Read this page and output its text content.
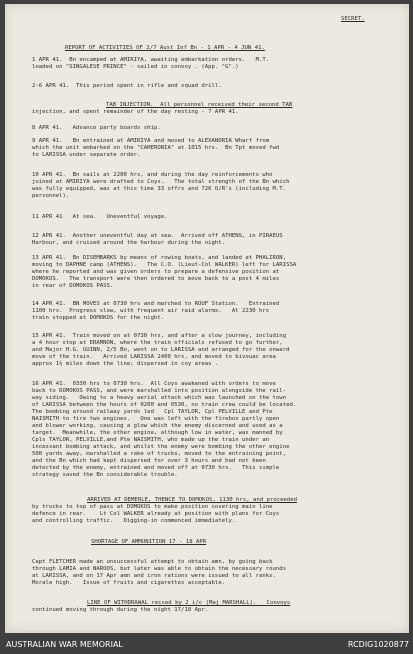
SECRET.

REPORT OF ACTIVITIES OF 2/7 Aust Inf Bn - 1 APR - 4 JUN 41.

1 APR 41.  Bn encamped at AMIRIYA, awaiting embarkation orders.   M.T.

loaded on "SINGALESE PRINCE" - sailed in convoy . (App. "G".)

2-6 APR 41.  This period spent in rifle and squad drill.

TAB INJECTION.  All personnel received their second TAB

injection, and spent remainder of the day resting - 7 APR 41.

8 APR 41.   Advance party boards ship.

9 APR 41.   Bn entrained at AMIRIYA and moved to ALEXANDRIA Wharf from

which the unit embarked on the "CAMERONIA" at 1015 hrs.  Bn Tpt moved fwd

to LARISSA under separate order.

10 APR 41.  Bn sails at 2200 hrs, and during the day reinforcements who

joined at AMIRIYA were drafted to Coys.   The total strength of the Bn which

was fully equipped, was at this time 33 offrs and 726 O/R's (including M.T.

personnel).

11 APR 41   At sea.   Uneventful voyage.

12 APR 41.  Another uneventful day at sea.  Arrived off ATHENS, in PIRAEUS

Harbour, and cruised around the harbour during the night.

13 APR 41.  Bn DISEMBARKS by means of rowing boats, and landed at PHALIRON,

moving to DAPHNE camp (ATHENS).   The C.O. (Lieut-Col WALKER) left for LARISSA

where he reported and was given orders to prepare a defensive position at

DOMOKOS.   The transport were then ordered to move back to a post 4 miles

in rear of DOMOKOS PASS.

14 APR 41.  BN MOVES at 0730 hrs and marched to ROUF Station.   Entrained

1100 hrs.  Progress slow, with frequent air raid alarms.   At 2230 hrs

train stopped at DOMOKOS for the night.

15 APR 41.  Train moved on at 0730 hrs, and after a slow journey, including

a 4 hour stop at ERAMNON, where the train officials refused to go further,

and Major H.G. GUINN, 2/5 Bn, went on to LARISSA and arranged for the onward

move of the train.   Arrived LARISSA 2400 hrs, and moved to bivouac area

approx 1½ miles down the line; dispersed in coy areas .

16 APR 41.  0330 hrs to 0730 hrs.  All Coys awakened with orders to move

back to DOMOKOS PASS, and were marshalled into position alongside the rail-

way siding.   Owing to a heavy aerial attack which was launched on the town

of LARISSA between the hours of 0200 and 0530, no train crew could be located.

The bombing around railway yards led   Cpl TAYLOR, Cpl PELVILLE and Pte

NAISMITH to fire two engines.   One was left with the firebox partly open

and blower working, causing a glow which the enemy discerned and used as a

target.  Meanwhile, the other engine, although low in water, was manned by

Cpls TAYLOR, PELVILLE,and Pte NAISMITH, who made up the train under an

incessant bombing attack, and whilst the enemy were bombing the other engine

500 yards away, marshalled a rake of trucks, moved to the entraining point,

and the Bn which had kept dispersed for over 3 hours and had not been

detected by the enemy, entrained and moved off at 0730 hrs.   This simple

strategy saved the Bn considerable trouble.

ARRIVED AT DEMERLE, THENCE TO DOMOKOS, 1130 hrs, and proceeded

by trucks to top of pass at DOMOKOS to make position covering main line

defence in rear.    Lt Col WALKER already at position with plans for Coys

and controlling traffic.   Digging-in commenced immediately.

SHORTAGE OF AMMUNITION 17 - 18 APR

Capt FLETCHER made an unsuccessful attempt to obtain amn, by going back

through LAMIA and NAROOS, but later was able to obtain the necessary rounds

at LARISSA, and on 17 Apr amn and iron rations were issued to all ranks.

Morale high.   Issue of fruits and cigarettes acceptable.

LINE OF WITHDRAWAL recced by 2 i/c (Maj MARSHALL).   Convoys

continued moving through during the night 17/18 Apr.

AUSTRALIAN WAR MEMORIAL	RCDIG1020877
